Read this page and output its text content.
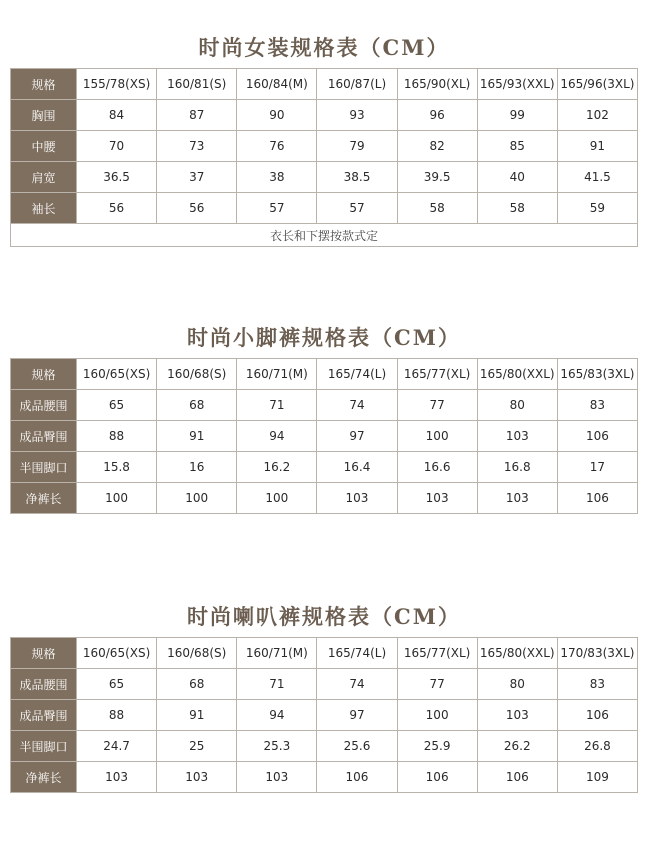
时尚女装规格表（CM）
规格	155/78(XS)	160/81(S)	160/84(M)	160/87(L)	165/90(XL)	165/93(XXL)	165/96(3XL)
胸围	84	87	90	93	96	99	102
中腰	70	73	76	79	82	85	91
肩宽	36.5	37	38	38.5	39.5	40	41.5
袖长	56	56	57	57	58	58	59
衣长和下摆按款式定							
时尚小脚裤规格表（CM）
规格	160/65(XS)	160/68(S)	160/71(M)	165/74(L)	165/77(XL)	165/80(XXL)	165/83(3XL)
成品腰围	65	68	71	74	77	80	83
成品臀围	88	91	94	97	100	103	106
半围脚口	15.8	16	16.2	16.4	16.6	16.8	17
净裤长	100	100	100	103	103	103	106
时尚喇叭裤规格表（CM）
规格	160/65(XS)	160/68(S)	160/71(M)	165/74(L)	165/77(XL)	165/80(XXL)	170/83(3XL)
成品腰围	65	68	71	74	77	80	83
成品臀围	88	91	94	97	100	103	106
半围脚口	24.7	25	25.3	25.6	25.9	26.2	26.8
净裤长	103	103	103	106	106	106	109
